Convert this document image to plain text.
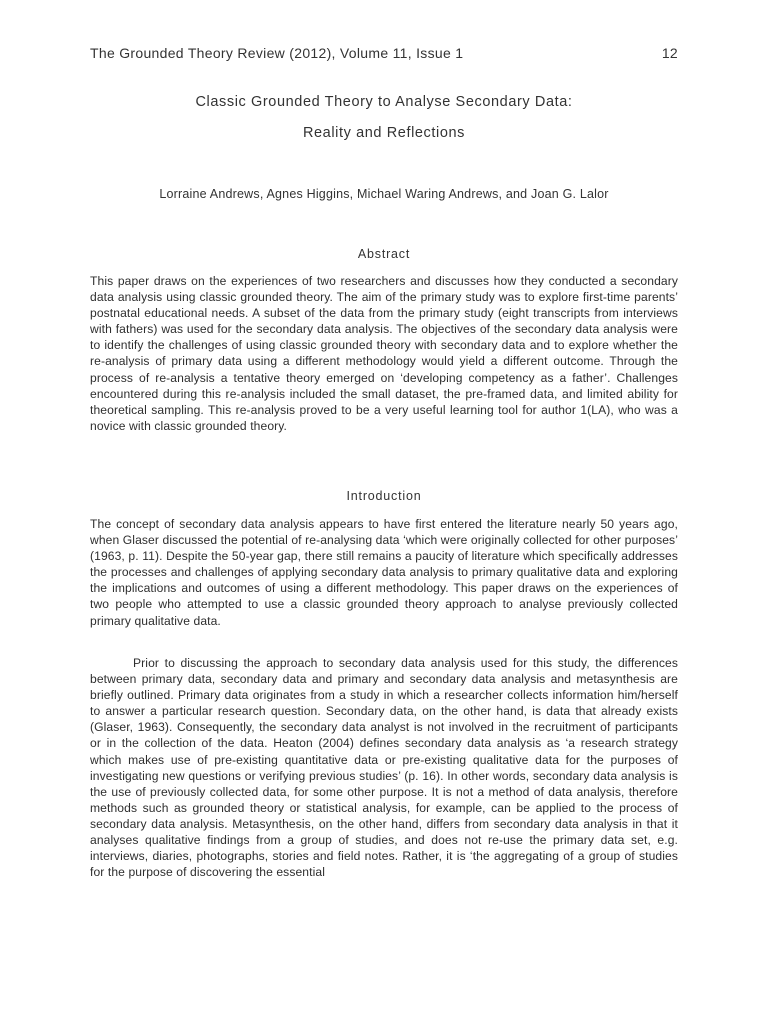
The Grounded Theory Review (2012), Volume 11, Issue 1	12
Classic Grounded Theory to Analyse Secondary Data:
Reality and Reflections
Lorraine Andrews, Agnes Higgins, Michael Waring Andrews, and Joan G. Lalor
Abstract

This paper draws on the experiences of two researchers and discusses how they conducted a secondary data analysis using classic grounded theory. The aim of the primary study was to explore first-time parents’ postnatal educational needs. A subset of the data from the primary study (eight transcripts from interviews with fathers) was used for the secondary data analysis. The objectives of the secondary data analysis were to identify the challenges of using classic grounded theory with secondary data and to explore whether the re-analysis of primary data using a different methodology would yield a different outcome. Through the process of re-analysis a tentative theory emerged on ‘developing competency as a father’. Challenges encountered during this re-analysis included the small dataset, the pre-framed data, and limited ability for theoretical sampling. This re-analysis proved to be a very useful learning tool for author 1(LA), who was a novice with classic grounded theory.

Introduction

The concept of secondary data analysis appears to have first entered the literature nearly 50 years ago, when Glaser discussed the potential of re-analysing data ‘which were originally collected for other purposes’ (1963, p. 11). Despite the 50-year gap, there still remains a paucity of literature which specifically addresses the processes and challenges of applying secondary data analysis to primary qualitative data and exploring the implications and outcomes of using a different methodology. This paper draws on the experiences of two people who attempted to use a classic grounded theory approach to analyse previously collected primary qualitative data.

Prior to discussing the approach to secondary data analysis used for this study, the differences between primary data, secondary data and primary and secondary data analysis and metasynthesis are briefly outlined. Primary data originates from a study in which a researcher collects information him/herself to answer a particular research question. Secondary data, on the other hand, is data that already exists (Glaser, 1963). Consequently, the secondary data analyst is not involved in the recruitment of participants or in the collection of the data. Heaton (2004) defines secondary data analysis as ‘a research strategy which makes use of pre-existing quantitative data or pre-existing qualitative data for the purposes of investigating new questions or verifying previous studies’ (p. 16). In other words, secondary data analysis is the use of previously collected data, for some other purpose. It is not a method of data analysis, therefore methods such as grounded theory or statistical analysis, for example, can be applied to the process of secondary data analysis. Metasynthesis, on the other hand, differs from secondary data analysis in that it analyses qualitative findings from a group of studies, and does not re-use the primary data set, e.g. interviews, diaries, photographs, stories and field notes. Rather, it is ‘the aggregating of a group of studies for the purpose of discovering the essential
